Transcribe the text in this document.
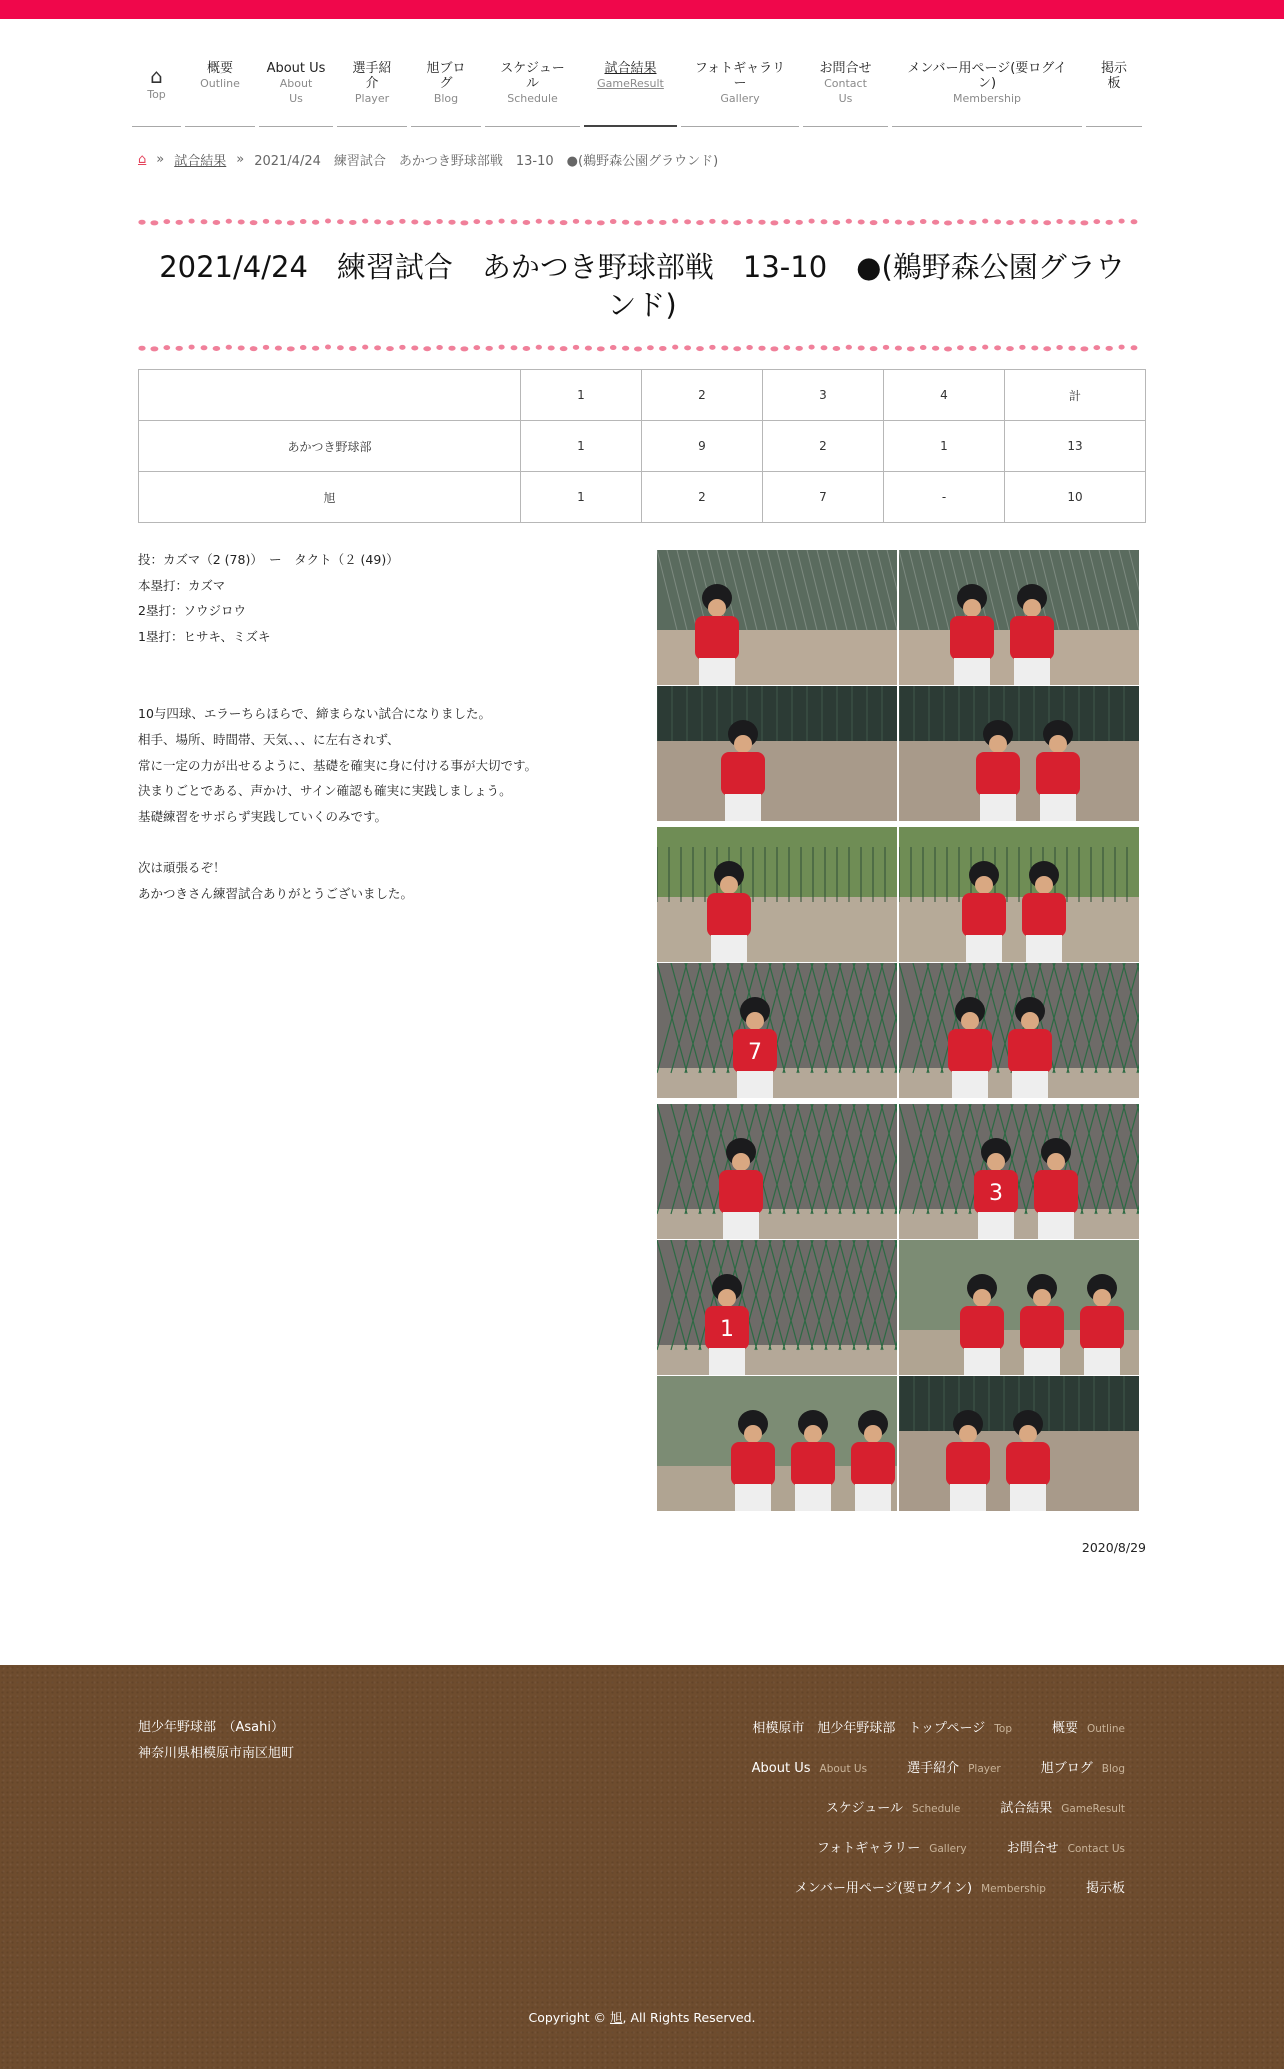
⌂
Top
概要
Outline
About Us
About Us
選手紹介
Player
旭ブログ
Blog
スケジュール
Schedule
試合結果
GameResult
フォトギャラリー
Gallery
お問合せ
Contact Us
メンバー用ページ(要ログイン)
Membership
掲示板
⌂ » 試合結果 » 2021/4/24　練習試合　あかつき野球部戦　13-10　●(鵜野森公園グラウンド)
2021/4/24　練習試合　あかつき野球部戦　13-10　●(鵜野森公園グラウンド)
	1	2	3	4	計
あかつき野球部	1	9	2	1	13
旭	1	2	7	-	10

投：カズマ（2 (78)）　ー　タクト（２ (49)）

本塁打：カズマ

2塁打：ソウジロウ

1塁打：ヒサキ、ミズキ

10与四球、エラーちらほらで、締まらない試合になりました。

相手、場所、時間帯、天気、、、に左右されず、

常に一定の力が出せるように、基礎を確実に身に付ける事が大切です。

決まりごとである、声かけ、サイン確認も確実に実践しましょう。

基礎練習をサボらず実践していくのみです。

次は頑張るぞ！

あかつきさん練習試合ありがとうございました。

7
3
1
2020/8/29
旭少年野球部　（Asahi）
神奈川県相模原市南区旭町
相模原市　旭少年野球部　トップページ Top	概要 Outline
About Us About Us	選手紹介 Player	旭ブログ Blog
スケジュール Schedule	試合結果 GameResult
フォトギャラリー Gallery	お問合せ Contact Us
メンバー用ページ(要ログイン) Membership	掲示板
Copyright © 旭, All Rights Reserved.
